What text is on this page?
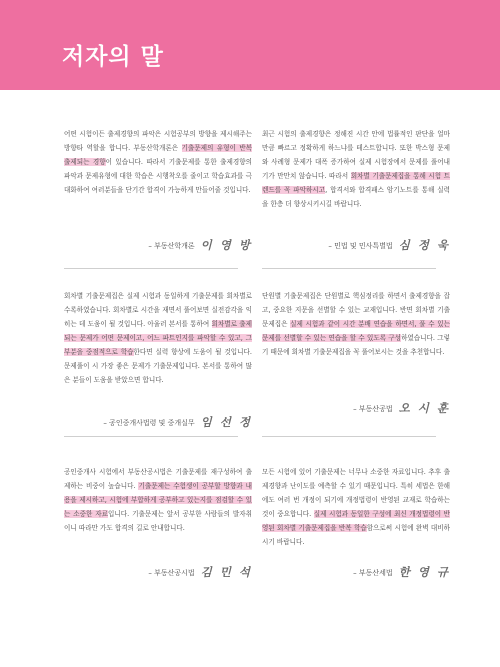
저자의 말

어떤 시험이든 출제경향의 파악은 시험공부의 방향을 제시해주는 방향타 역할을 합니다. 부동산학개론은 기출문제의 유형이 반복 출제되는 경향이 있습니다. 따라서 기출문제를 통한 출제경향의 파악과 문제유형에 대한 학습은 시행착오를 줄이고 학습효과를 극대화하여 여러분들을 단기간 합격이 가능하게 만들어줄 것입니다.

– 부동산학개론 이 영 방

최근 시험의 출제경향은 정해진 시간 안에 법률적인 판단을 얼마만큼 빠르고 정확하게 하느냐를 테스트합니다. 또한 박스형 문제와 사례형 문제가 대폭 증가하여 실제 시험장에서 문제를 풀어내기가 만만치 않습니다. 따라서 회차별 기출문제집을 통해 시험 트렌드를 꼭 파악하시고, 합격서와 합격패스 암기노트를 통해 실력을 한층 더 향상시키시길 바랍니다.

– 민법 및 민사특별법 심 정 욱

회차별 기출문제집은 실제 시험과 동일하게 기출문제를 회차별로 수록하였습니다. 회차별로 시간을 재면서 풀어보면 실전감각을 익히는 데 도움이 될 것입니다. 아울러 본서를 통하여 회차별로 출제되는 문제가 어떤 문제이고, 어느 파트인지를 파악할 수 있고, 그 부분을 중점적으로 학습한다면 실력 향상에 도움이 될 것입니다. 문제풀이 시 가장 좋은 문제가 기출문제입니다. 본서를 통하여 많은 분들이 도움을 받았으면 합니다.

– 공인중개사법령 및 중개실무 임 선 정

단원별 기출문제집은 단원별로 핵심정리를 하면서 출제경향을 잡고, 중요한 지문을 선별할 수 있는 교재입니다. 반면 회차별 기출문제집은 실제 시험과 같이 시간 분배 연습을 하면서, 풀 수 있는 문제를 선별할 수 있는 연습을 할 수 있도록 구성하였습니다. 그렇기 때문에 회차별 기출문제집을 꼭 풀어보시는 것을 추천합니다.

– 부동산공법 오 시 훈

공인중개사 시험에서 부동산공시법은 기출문제를 재구성하여 출제하는 비중이 높습니다. 기출문제는 수험생이 공부할 방향과 내용을 제시하고, 시험에 부합하게 공부하고 있는지를 점검할 수 있는 소중한 자료입니다. 기출문제는 앞서 공부한 사람들의 발자취이니 따라만 가도 합격의 길로 안내합니다.

– 부동산공시법 김 민 석

모든 시험에 있어 기출문제는 너무나 소중한 자료입니다. 추후 출제경향과 난이도를 예측할 수 있기 때문입니다. 특히 세법은 한해에도 여러 번 개정이 되기에 개정법령이 반영된 교재로 학습하는 것이 중요합니다. 실제 시험과 동일한 구성에 최신 개정법령이 반영된 회차별 기출문제집을 반복 학습함으로써 시험에 완벽 대비하시기 바랍니다.

– 부동산세법 한 영 규
